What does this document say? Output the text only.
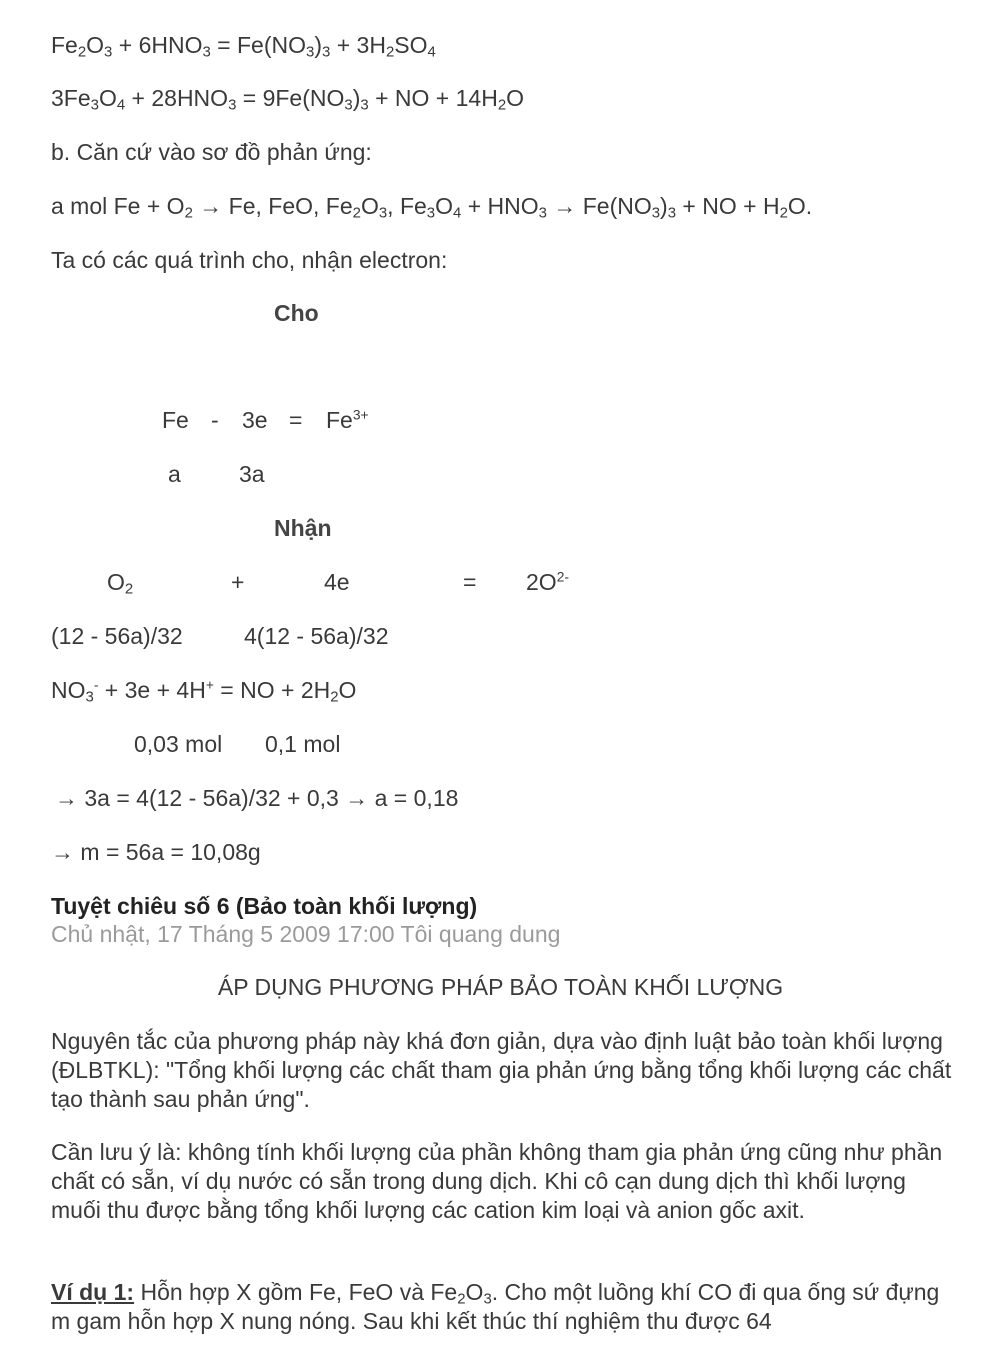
$Fe_2O_3 + 6HNO_3 = Fe(NO_3)_3 + 3H_2SO_4$
$3Fe_3O_4 + 28HNO_3 = 9Fe(NO_3)_3$ + NO + $14H_2O$
b. Căn cứ vào sơ đồ phản ứng:
a mol $Fe + O_2 \to Fe$, FeO, $Fe_2O_3$, $Fe_3O_4 + HNO_3 \to Fe(NO_3)_3$ + NO + $H_2O$.
Ta có các quá trình cho, nhận electron:
Cho
$Fe - 3e = Fe^{3+}$
a	3a
Nhận
$O_2$	+	4e	= $2O^{2-}$
(12 - 56a)/32	4(12 - 56a)/32
$NO_3^- + 3e + 4H^+$ = NO + $2H_2O$
0,03 mol 0,1 mol
→ 3a = 4(12 - 56a)/32 + 0,3 → a = 0,18
→ m = 56a = 10,08g
Tuyệt chiêu số 6 (Bảo toàn khối lượng)
Chủ nhật, 17 Tháng 5 2009 17:00 Tôi quang dung
ÁP DỤNG PHƯƠNG PHÁP BẢO TOÀN KHỐI LƯỢNG

Nguyên tắc của phương pháp này khá đơn giản, dựa vào định luật bảo toàn khối lượng (ĐLBTKL): "Tổng khối lượng các chất tham gia phản ứng bằng tổng khối lượng các chất tạo thành sau phản ứng".

Cần lưu ý là: không tính khối lượng của phần không tham gia phản ứng cũng như phần chất có sẵn, ví dụ nước có sẵn trong dung dịch. Khi cô cạn dung dịch thì khối lượng muối thu được bằng tổng khối lượng các cation kim loại và anion gốc axit.

Ví dụ 1: Hỗn hợp X gồm Fe, FeO và $Fe_2O_3$. Cho một luồng khí CO đi qua ống sứ đựng m gam hỗn hợp X nung nóng. Sau khi kết thúc thí nghiệm thu được 64
